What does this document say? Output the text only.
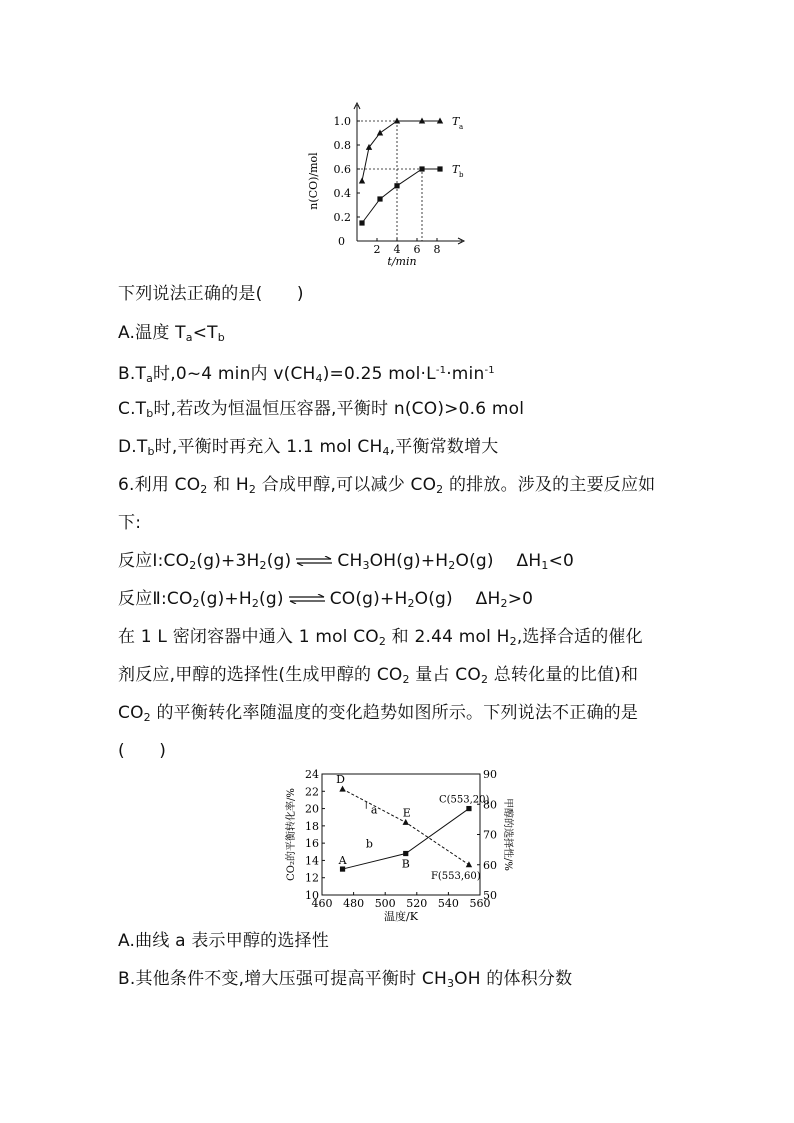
1.0
0.8
0.6
0.4
0.2
0
2 4 6 8
t/min
n(CO)/mol
T a
T b
下列说法正确的是(　　)
A.温度 $T_a<T_b$
$B.T_a$时,0~4 min内 $v(CH_4)=0.25$ $mol\cdot L^{-1}\cdot\min^{-1}$
$C.T_b$时,若改为恒温恒压容器,平衡时 n(CO)>0.6 mol
$D.T_b$时,平衡时再充入 1.1 mol $CH_4$,平衡常数增大
6.利用 $CO_2$ 和 $H_2$ 合成甲醇,可以减少 $CO_2$ 的排放。涉及的主要反应如
下:
反应$Ⅰ:CO_2(g)+3H_2(g)$ ⇌ $CH_3OH(g)+H_2O(g)$　 $\Delta H_1<0$
反应$Ⅱ:CO_2(g)+H_2(g)$ ⇌ $CO(g)+H_2O(g)$　 $\Delta H_2>0$
在 1 L 密闭容器中通入 1 mol $CO_2$ 和 2.44 mol $H_2$,选择合适的催化
剂反应,甲醇的选择性(生成甲醇的 $CO_2$ 量占 $CO_2$ 总转化量的比值)和
$CO_2$ 的平衡转化率随温度的变化趋势如图所示。下列说法不正确的是
(　　)
24
22
20
18
16
14
12
10
90
80
70
60
50
460 480 500 520 540 560
温度/K
CO₂的平衡转化率/%	甲醇的选择性/%
D
E
F(553,60)
A	B
C(553,20)
a
b
A.曲线 a 表示甲醇的选择性
B.其他条件不变,增大压强可提高平衡时 $CH_3OH$ 的体积分数
